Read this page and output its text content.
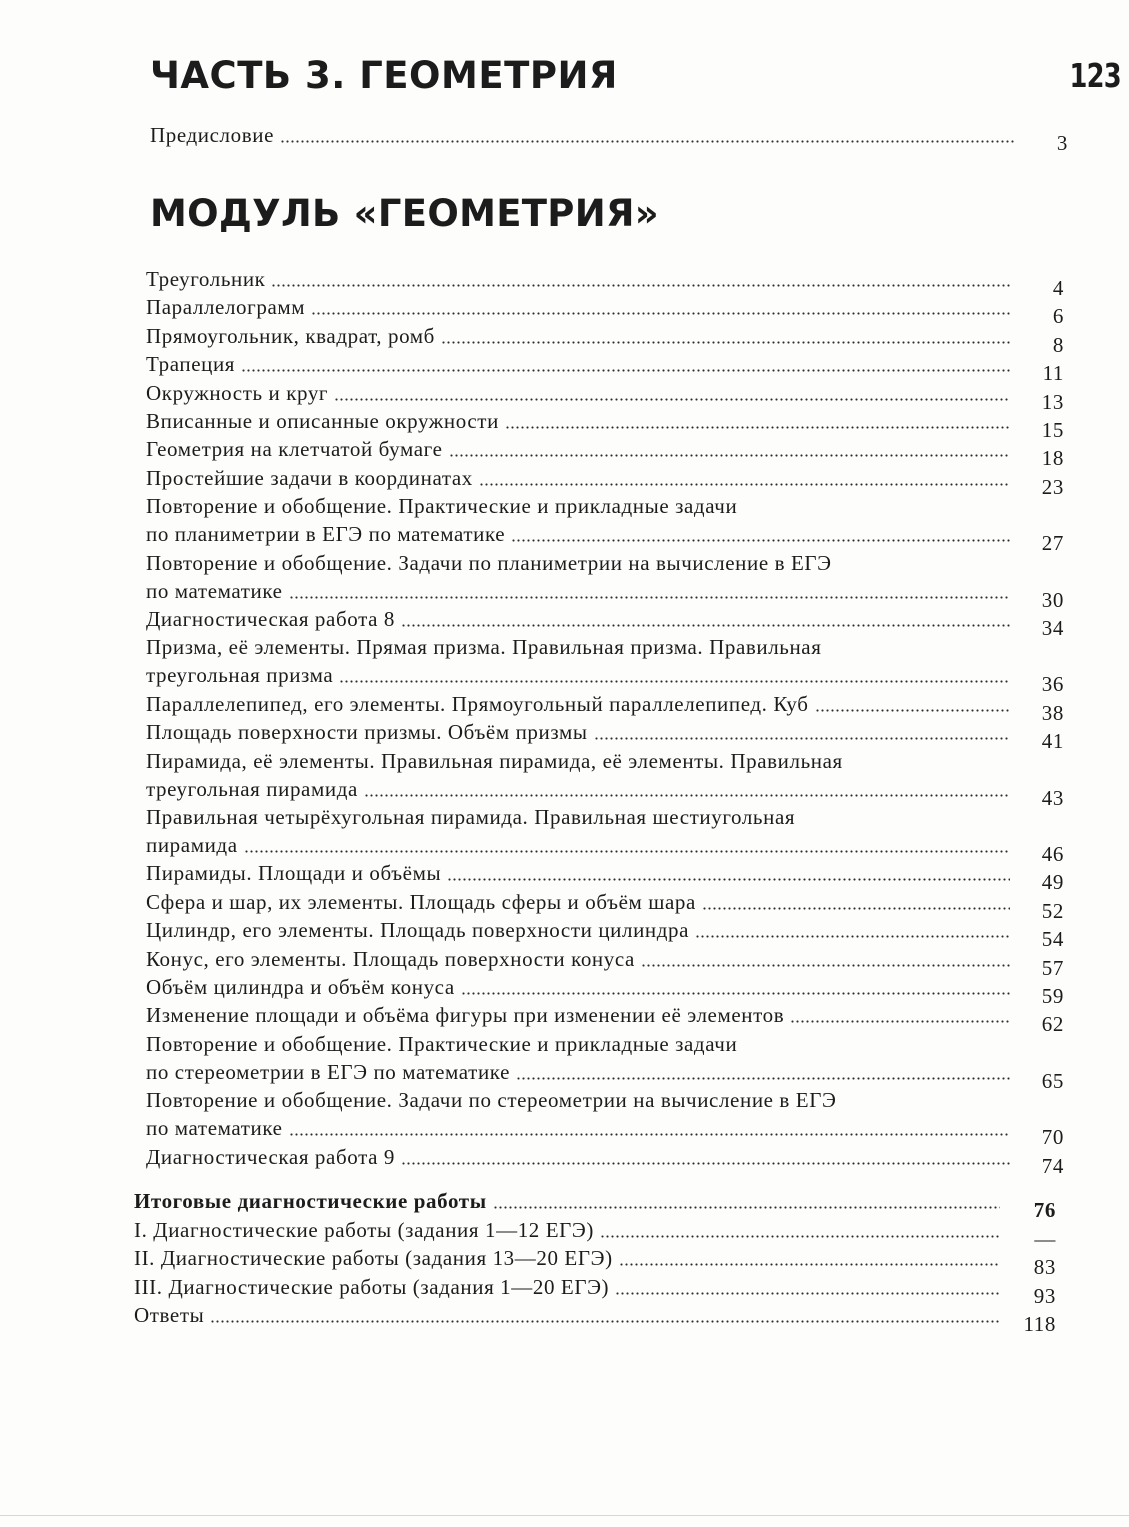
123
ЧАСТЬ 3. ГЕОМЕТРИЯ
Предисловие	3
МОДУЛЬ «ГЕОМЕТРИЯ»
Треугольник	4
Параллелограмм	6
Прямоугольник, квадрат, ромб	8
Трапеция	11
Окружность и круг	13
Вписанные и описанные окружности	15
Геометрия на клетчатой бумаге	18
Простейшие задачи в координатах	23
Повторение и обобщение. Практические и прикладные задачи
по планиметрии в ЕГЭ по математике	27
Повторение и обобщение. Задачи по планиметрии на вычисление в ЕГЭ
по математике	30
Диагностическая работа 8	34
Призма, её элементы. Прямая призма. Правильная призма. Правильная
треугольная призма	36
Параллелепипед, его элементы. Прямоугольный параллелепипед. Куб	38
Площадь поверхности призмы. Объём призмы	41
Пирамида, её элементы. Правильная пирамида, её элементы. Правильная
треугольная пирамида	43
Правильная четырёхугольная пирамида. Правильная шестиугольная
пирамида	46
Пирамиды. Площади и объёмы	49
Сфера и шар, их элементы. Площадь сферы и объём шара	52
Цилиндр, его элементы. Площадь поверхности цилиндра	54
Конус, его элементы. Площадь поверхности конуса	57
Объём цилиндра и объём конуса	59
Изменение площади и объёма фигуры при изменении её элементов	62
Повторение и обобщение. Практические и прикладные задачи
по стереометрии в ЕГЭ по математике	65
Повторение и обобщение. Задачи по стереометрии на вычисление в ЕГЭ
по математике	70
Диагностическая работа 9	74
Итоговые диагностические работы	76
I. Диагностические работы (задания 1—12 ЕГЭ)	—
II. Диагностические работы (задания 13—20 ЕГЭ)	83
III. Диагностические работы (задания 1—20 ЕГЭ)	93
Ответы	118
